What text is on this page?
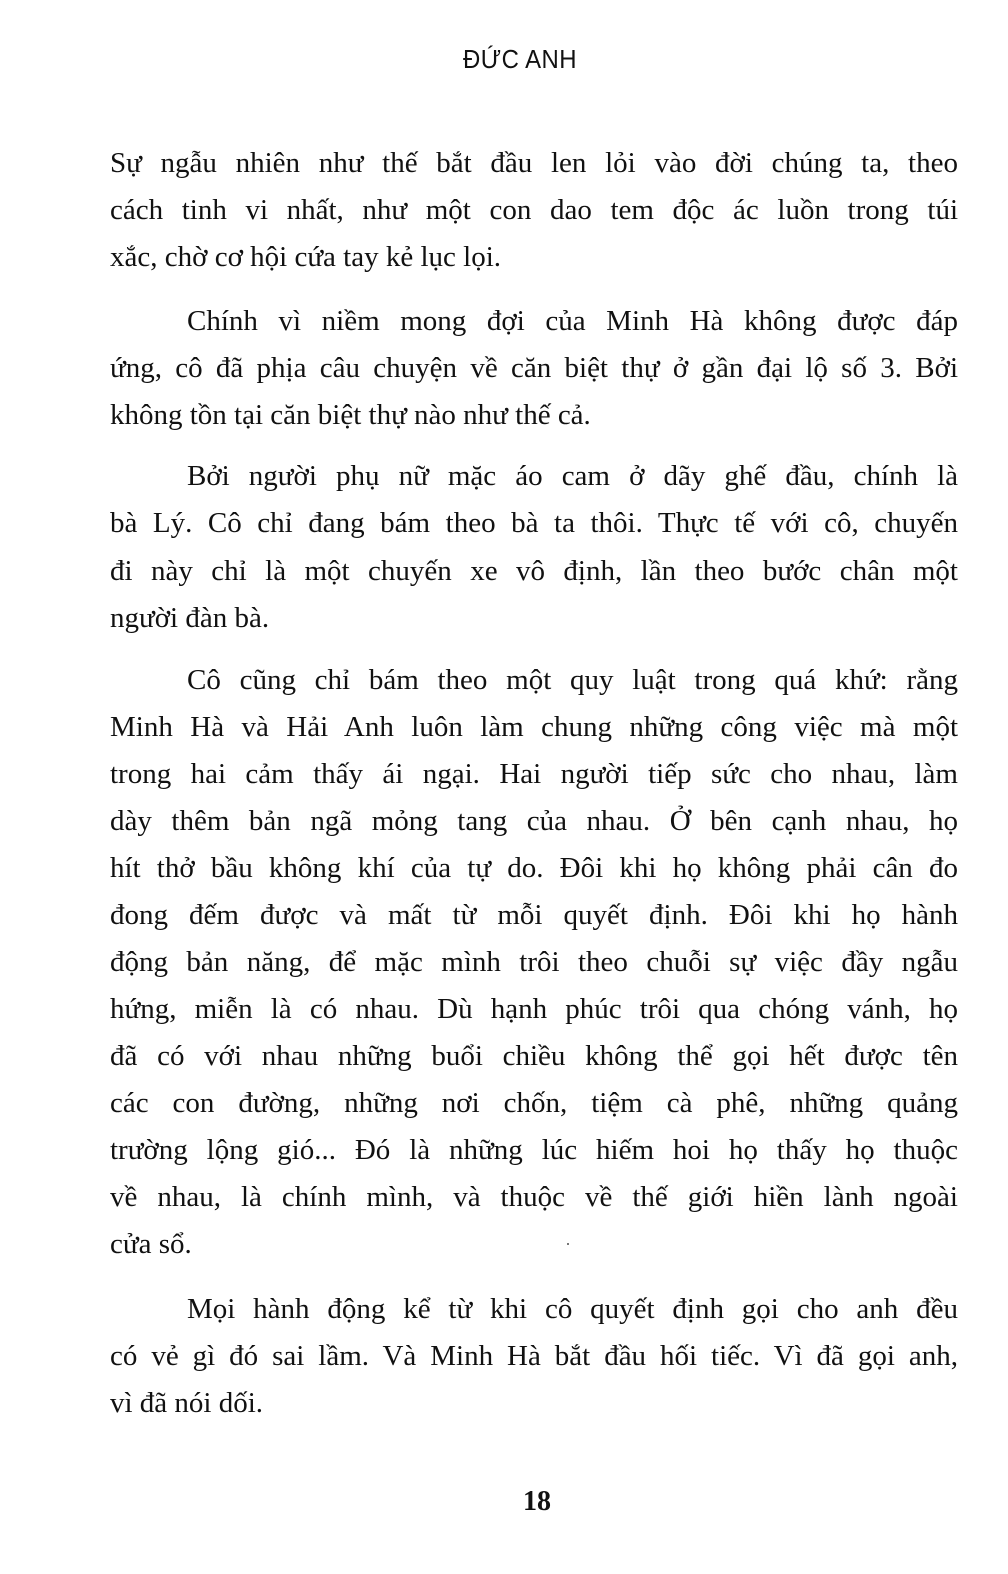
ĐỨC ANH
Sự ngẫu nhiên như thế bắt đầu len lỏi vào đời chúng ta, theo
cách tinh vi nhất, như một con dao tem độc ác luồn trong túi
xắc, chờ cơ hội cứa tay kẻ lục lọi.
Chính vì niềm mong đợi của Minh Hà không được đáp
ứng, cô đã phịa câu chuyện về căn biệt thự ở gần đại lộ số 3. Bởi
không tồn tại căn biệt thự nào như thế cả.
Bởi người phụ nữ mặc áo cam ở dãy ghế đầu, chính là
bà Lý. Cô chỉ đang bám theo bà ta thôi. Thực tế với cô, chuyến
đi này chỉ là một chuyến xe vô định, lần theo bước chân một
người đàn bà.
Cô cũng chỉ bám theo một quy luật trong quá khứ: rằng
Minh Hà và Hải Anh luôn làm chung những công việc mà một
trong hai cảm thấy ái ngại. Hai người tiếp sức cho nhau, làm
dày thêm bản ngã mỏng tang của nhau. Ở bên cạnh nhau, họ
hít thở bầu không khí của tự do. Đôi khi họ không phải cân đo
đong đếm được và mất từ mỗi quyết định. Đôi khi họ hành
động bản năng, để mặc mình trôi theo chuỗi sự việc đầy ngẫu
hứng, miễn là có nhau. Dù hạnh phúc trôi qua chóng vánh, họ
đã có với nhau những buổi chiều không thể gọi hết được tên
các con đường, những nơi chốn, tiệm cà phê, những quảng
trường lộng gió... Đó là những lúc hiếm hoi họ thấy họ thuộc
về nhau, là chính mình, và thuộc về thế giới hiền lành ngoài
cửa sổ.
Mọi hành động kể từ khi cô quyết định gọi cho anh đều
có vẻ gì đó sai lầm. Và Minh Hà bắt đầu hối tiếc. Vì đã gọi anh,
vì đã nói dối.
18
